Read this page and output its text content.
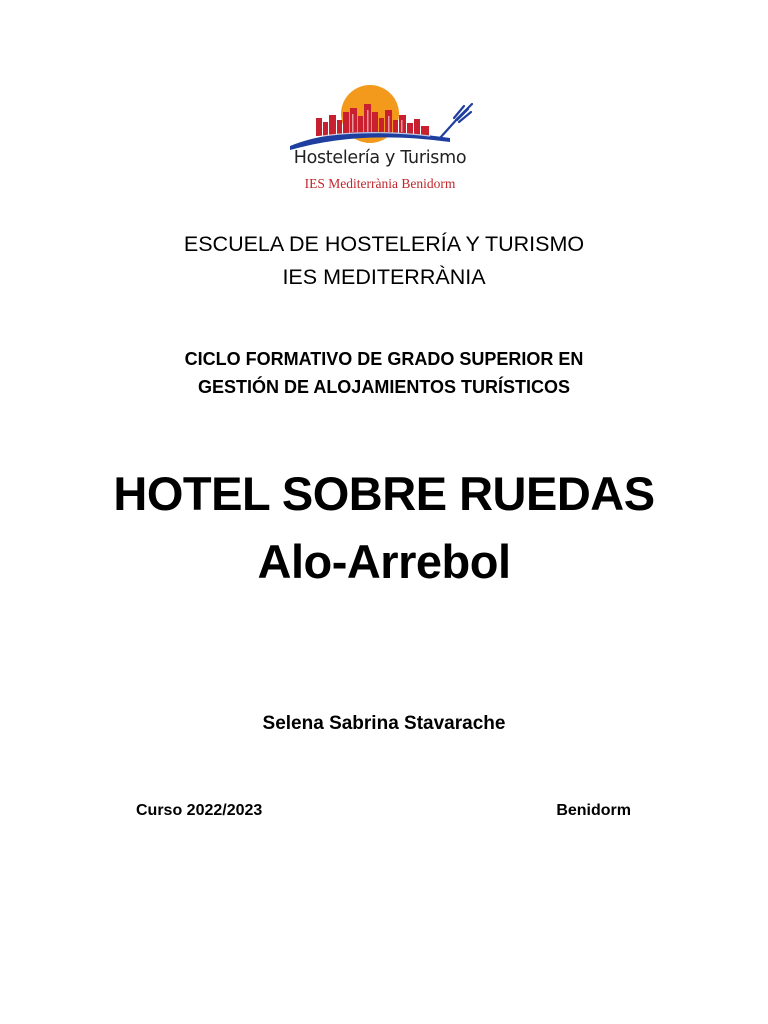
Hostelería y Turismo
IES Mediterrània Benidorm
ESCUELA DE HOSTELERÍA Y TURISMO
IES MEDITERRÀNIA
CICLO FORMATIVO DE GRADO SUPERIOR EN
GESTIÓN DE ALOJAMIENTOS TURÍSTICOS
HOTEL SOBRE RUEDAS
Alo-Arrebol
Selena Sabrina Stavarache
Curso 2022/2023	Benidorm
